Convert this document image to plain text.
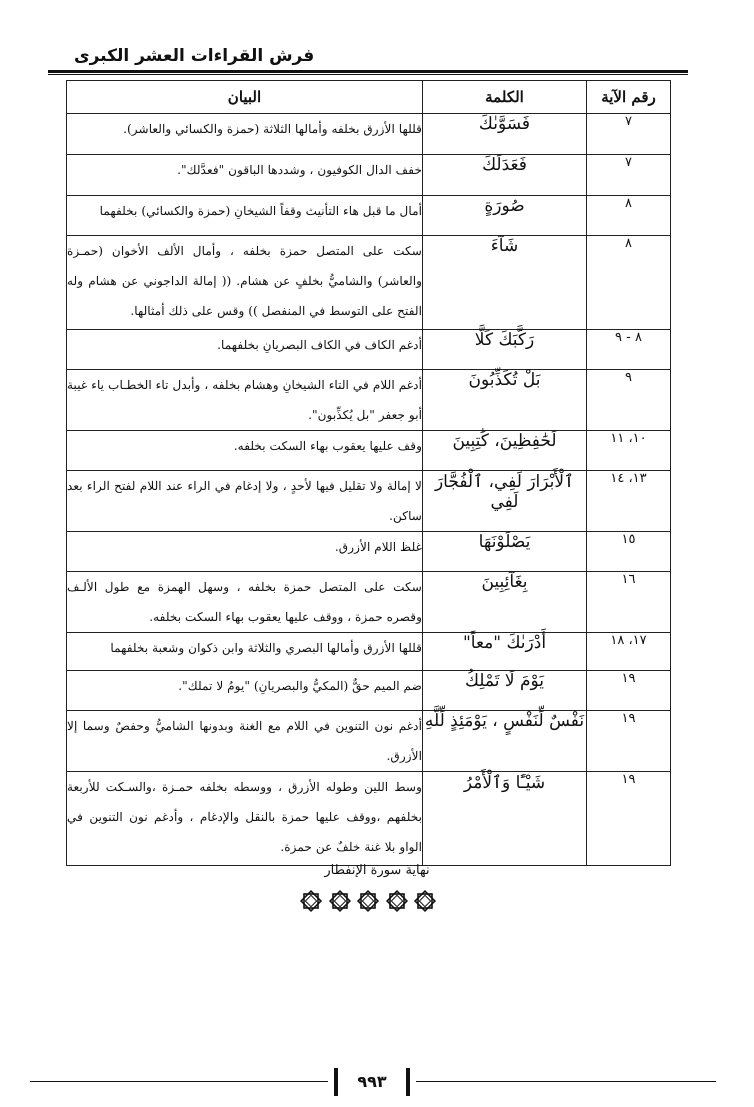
فرش القراءات العشر الكبرى
رقم الآية	الكلمة	البيان
٧	فَسَوَّىٰكَ	قللها الأزرق بخلفه وأمالها الثلاثة (حمزة والكسائي والعاشر).
٧	فَعَدَلَكَ	خفف الدال الكوفيون ، وشددها الباقون "فعدَّلك".
٨	صُورَةٍ	أمال ما قبل هاء التأنيث وقفاً الشيخانِ (حمزة والكسائي) بخلفهما
٨	شَآءَ	سكت على المتصل حمزة بخلفه ، وأمال الألف الأخوان (حمـزة والعاشر) والشاميُّ بخلفٍ عن هشام. (( إمالة الداجوني عن هشام وله الفتح على التوسط في المنفصل )) وقس على ذلك أمثالها.
٨ - ٩	رَكَّبَكَ كَلَّا	أدغم الكاف في الكاف البصريانِ بخلفهما.
٩	بَلْ تُكَذِّبُونَ	أدغم اللام في التاء الشيخانِ وهشام بخلفه ، وأبدل تاء الخطـاب ياء غيبة أبو جعفر "بل يُكذِّبون".
١٠، ١١	لَحَٰفِظِينَ، كَٰتِبِينَ	وقف عليها يعقوب بهاء السكت بخلفه.
١٣، ١٤	ٱلْأَبْرَارَ لَفِي، ٱلْفُجَّارَ لَفِي	لا إمالة ولا تقليل فيها لأحدٍ ، ولا إدغام في الراء عند اللام لفتح الراء بعد ساكن.
١٥	يَصْلَوْنَهَا	غلظ اللام الأزرق.
١٦	بِغَآئِبِينَ	سكت على المتصل حمزة بخلفه ، وسهل الهمزة مع طول الألـف وقصره حمزة ، ووقف عليها يعقوب بهاء السكت بخلفه.
١٧، ١٨	أَدْرَىٰكَ "معاً"	قللها الأزرق وأمالها البصري والثلاثة وابن ذكوان وشعبة بخلفهما
١٩	يَوْمَ لَا تَمْلِكُ	ضم الميم حقٌّ (المكيُّ والبصريانِ) "يومُ لا تملك".
١٩	نَفْسٌ لِّنَفْسٍ ، يَوْمَئِذٍ لِّلَّهِ	أدغم نون التنوين في اللام مع الغنة وبدونها الشاميُّ وحفصٌ وسما إلا الأزرق.
١٩	شَيْـًٔا وَٱلْأَمْرُ	وسط اللين وطوله الأزرق ، ووسطه بخلفه حمـزة ،والسـكت للأربعة بخلفهم ،ووقف عليها حمزة بالنقل والإدغام ، وأدغم نون التنوين في الواو بلا غنة خلفٌ عن حمزة.
نهاية سورة الإنفطار
٩٩٣
